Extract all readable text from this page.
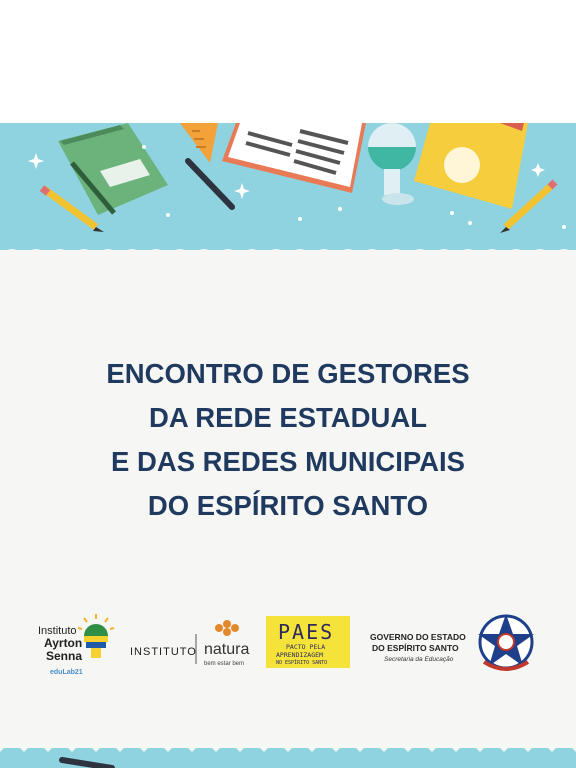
ENCONTRO DE GESTORES
DA REDE ESTADUAL
E DAS REDES MUNICIPAIS
DO ESPÍRITO SANTO
Instituto
Ayrton
Senna
eduLab21
INSTITUTO natura
bem estar bem
PAES
PACTO PELA
APRENDIZAGEM
NO ESPÍRITO SANTO
GOVERNO DO ESTADO
DO ESPÍRITO SANTO
Secretaria da Educação
